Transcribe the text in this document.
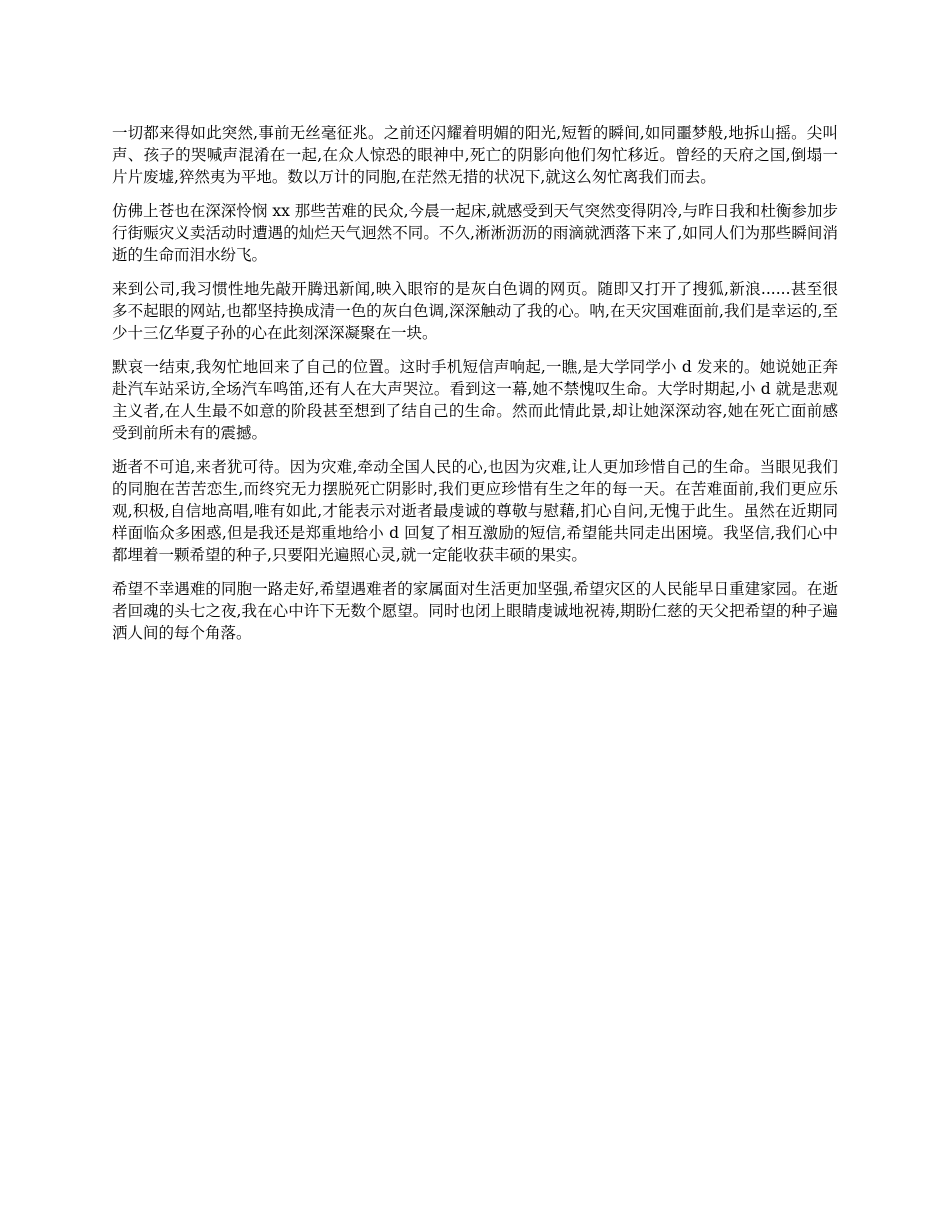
一切都来得如此突然,事前无丝毫征兆。之前还闪耀着明媚的阳光,短暂的瞬间,如同噩梦般,地拆山摇。尖叫声、孩子的哭喊声混淆在一起,在众人惊恐的眼神中,死亡的阴影向他们匆忙移近。曾经的天府之国,倒塌一片片废墟,猝然夷为平地。数以万计的同胞,在茫然无措的状况下,就这么匆忙离我们而去。

仿佛上苍也在深深怜悯 xx 那些苦难的民众,今晨一起床,就感受到天气突然变得阴冷,与昨日我和杜衡参加步行街赈灾义卖活动时遭遇的灿烂天气迥然不同。不久,淅淅沥沥的雨滴就洒落下来了,如同人们为那些瞬间消逝的生命而泪水纷飞。

来到公司,我习惯性地先敲开腾迅新闻,映入眼帘的是灰白色调的网页。随即又打开了搜狐,新浪......甚至很多不起眼的网站,也都坚持换成清一色的灰白色调,深深触动了我的心。呐,在天灾国难面前,我们是幸运的,至少十三亿华夏子孙的心在此刻深深凝聚在一块。

默哀一结束,我匆忙地回来了自己的位置。这时手机短信声响起,一瞧,是大学同学小 d 发来的。她说她正奔赴汽车站采访,全场汽车鸣笛,还有人在大声哭泣。看到这一幕,她不禁愧叹生命。大学时期起,小 d 就是悲观主义者,在人生最不如意的阶段甚至想到了结自己的生命。然而此情此景,却让她深深动容,她在死亡面前感受到前所未有的震撼。

逝者不可追,来者犹可待。因为灾难,牵动全国人民的心,也因为灾难,让人更加珍惜自己的生命。当眼见我们的同胞在苦苦恋生,而终究无力摆脱死亡阴影时,我们更应珍惜有生之年的每一天。在苦难面前,我们更应乐观,积极,自信地高唱,唯有如此,才能表示对逝者最虔诚的尊敬与慰藉,扪心自问,无愧于此生。虽然在近期同样面临众多困惑,但是我还是郑重地给小 d 回复了相互激励的短信,希望能共同走出困境。我坚信,我们心中都埋着一颗希望的种子,只要阳光遍照心灵,就一定能收获丰硕的果实。

希望不幸遇难的同胞一路走好,希望遇难者的家属面对生活更加坚强,希望灾区的人民能早日重建家园。在逝者回魂的头七之夜,我在心中许下无数个愿望。同时也闭上眼睛虔诚地祝祷,期盼仁慈的天父把希望的种子遍洒人间的每个角落。
